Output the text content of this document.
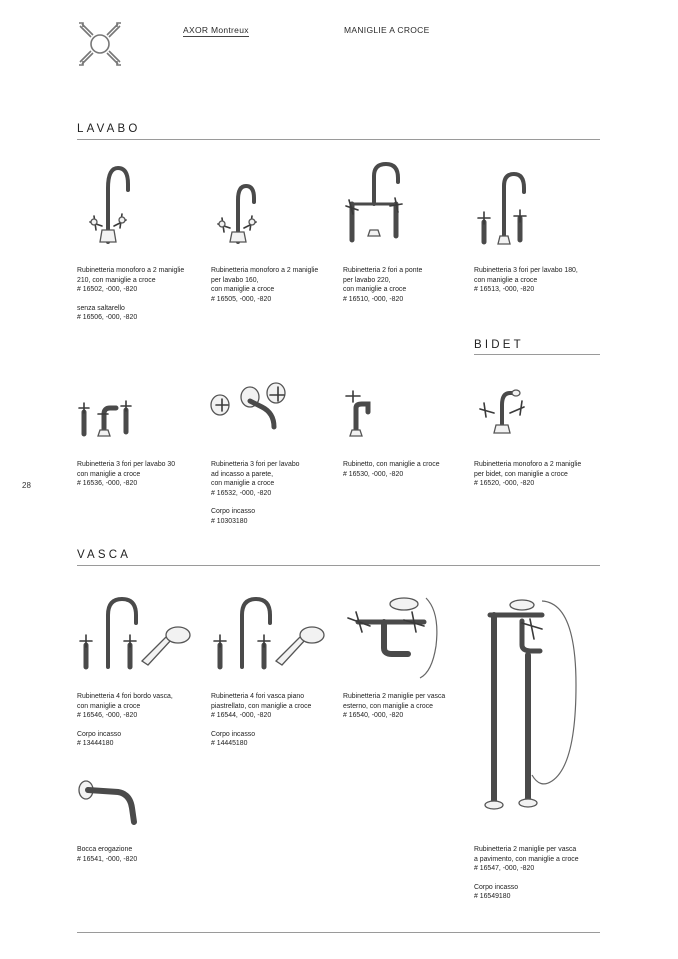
AXOR Montreux	MANIGLIE A CROCE
28
LAVABO
BIDET
VASCA
Rubinetteria monoforo a 2 maniglie
210, con maniglie a croce
# 16502, -000, -820
senza saltarello
# 16506, -000, -820
Rubinetteria monoforo a 2 maniglie
per lavabo 160,
con maniglie a croce
# 16505, -000, -820
Rubinetteria 2 fori a ponte
per lavabo 220,
con maniglie a croce
# 16510, -000, -820
Rubinetteria 3 fori per lavabo 180,
con maniglie a croce
# 16513, -000, -820
Rubinetteria 3 fori per lavabo 30
con maniglie a croce
# 16536, -000, -820
Rubinetteria 3 fori per lavabo
ad incasso a parete,
con maniglie a croce
# 16532, -000, -820
Corpo incasso
# 10303180
Rubinetto, con maniglie a croce
# 16530, -000, -820
Rubinetteria monoforo a 2 maniglie
per bidet, con maniglie a croce
# 16520, -000, -820
Rubinetteria 4 fori bordo vasca,
con maniglie a croce
# 16546, -000, -820
Corpo incasso
# 13444180
Rubinetteria 4 fori vasca piano
piastrellato, con maniglie a croce
# 16544, -000, -820
Corpo incasso
# 14445180
Rubinetteria 2 maniglie per vasca
esterno, con maniglie a croce
# 16540, -000, -820
Rubinetteria 2 maniglie per vasca
a pavimento, con maniglie a croce
# 16547, -000, -820
Corpo incasso
# 16549180
Bocca erogazione
# 16541, -000, -820
